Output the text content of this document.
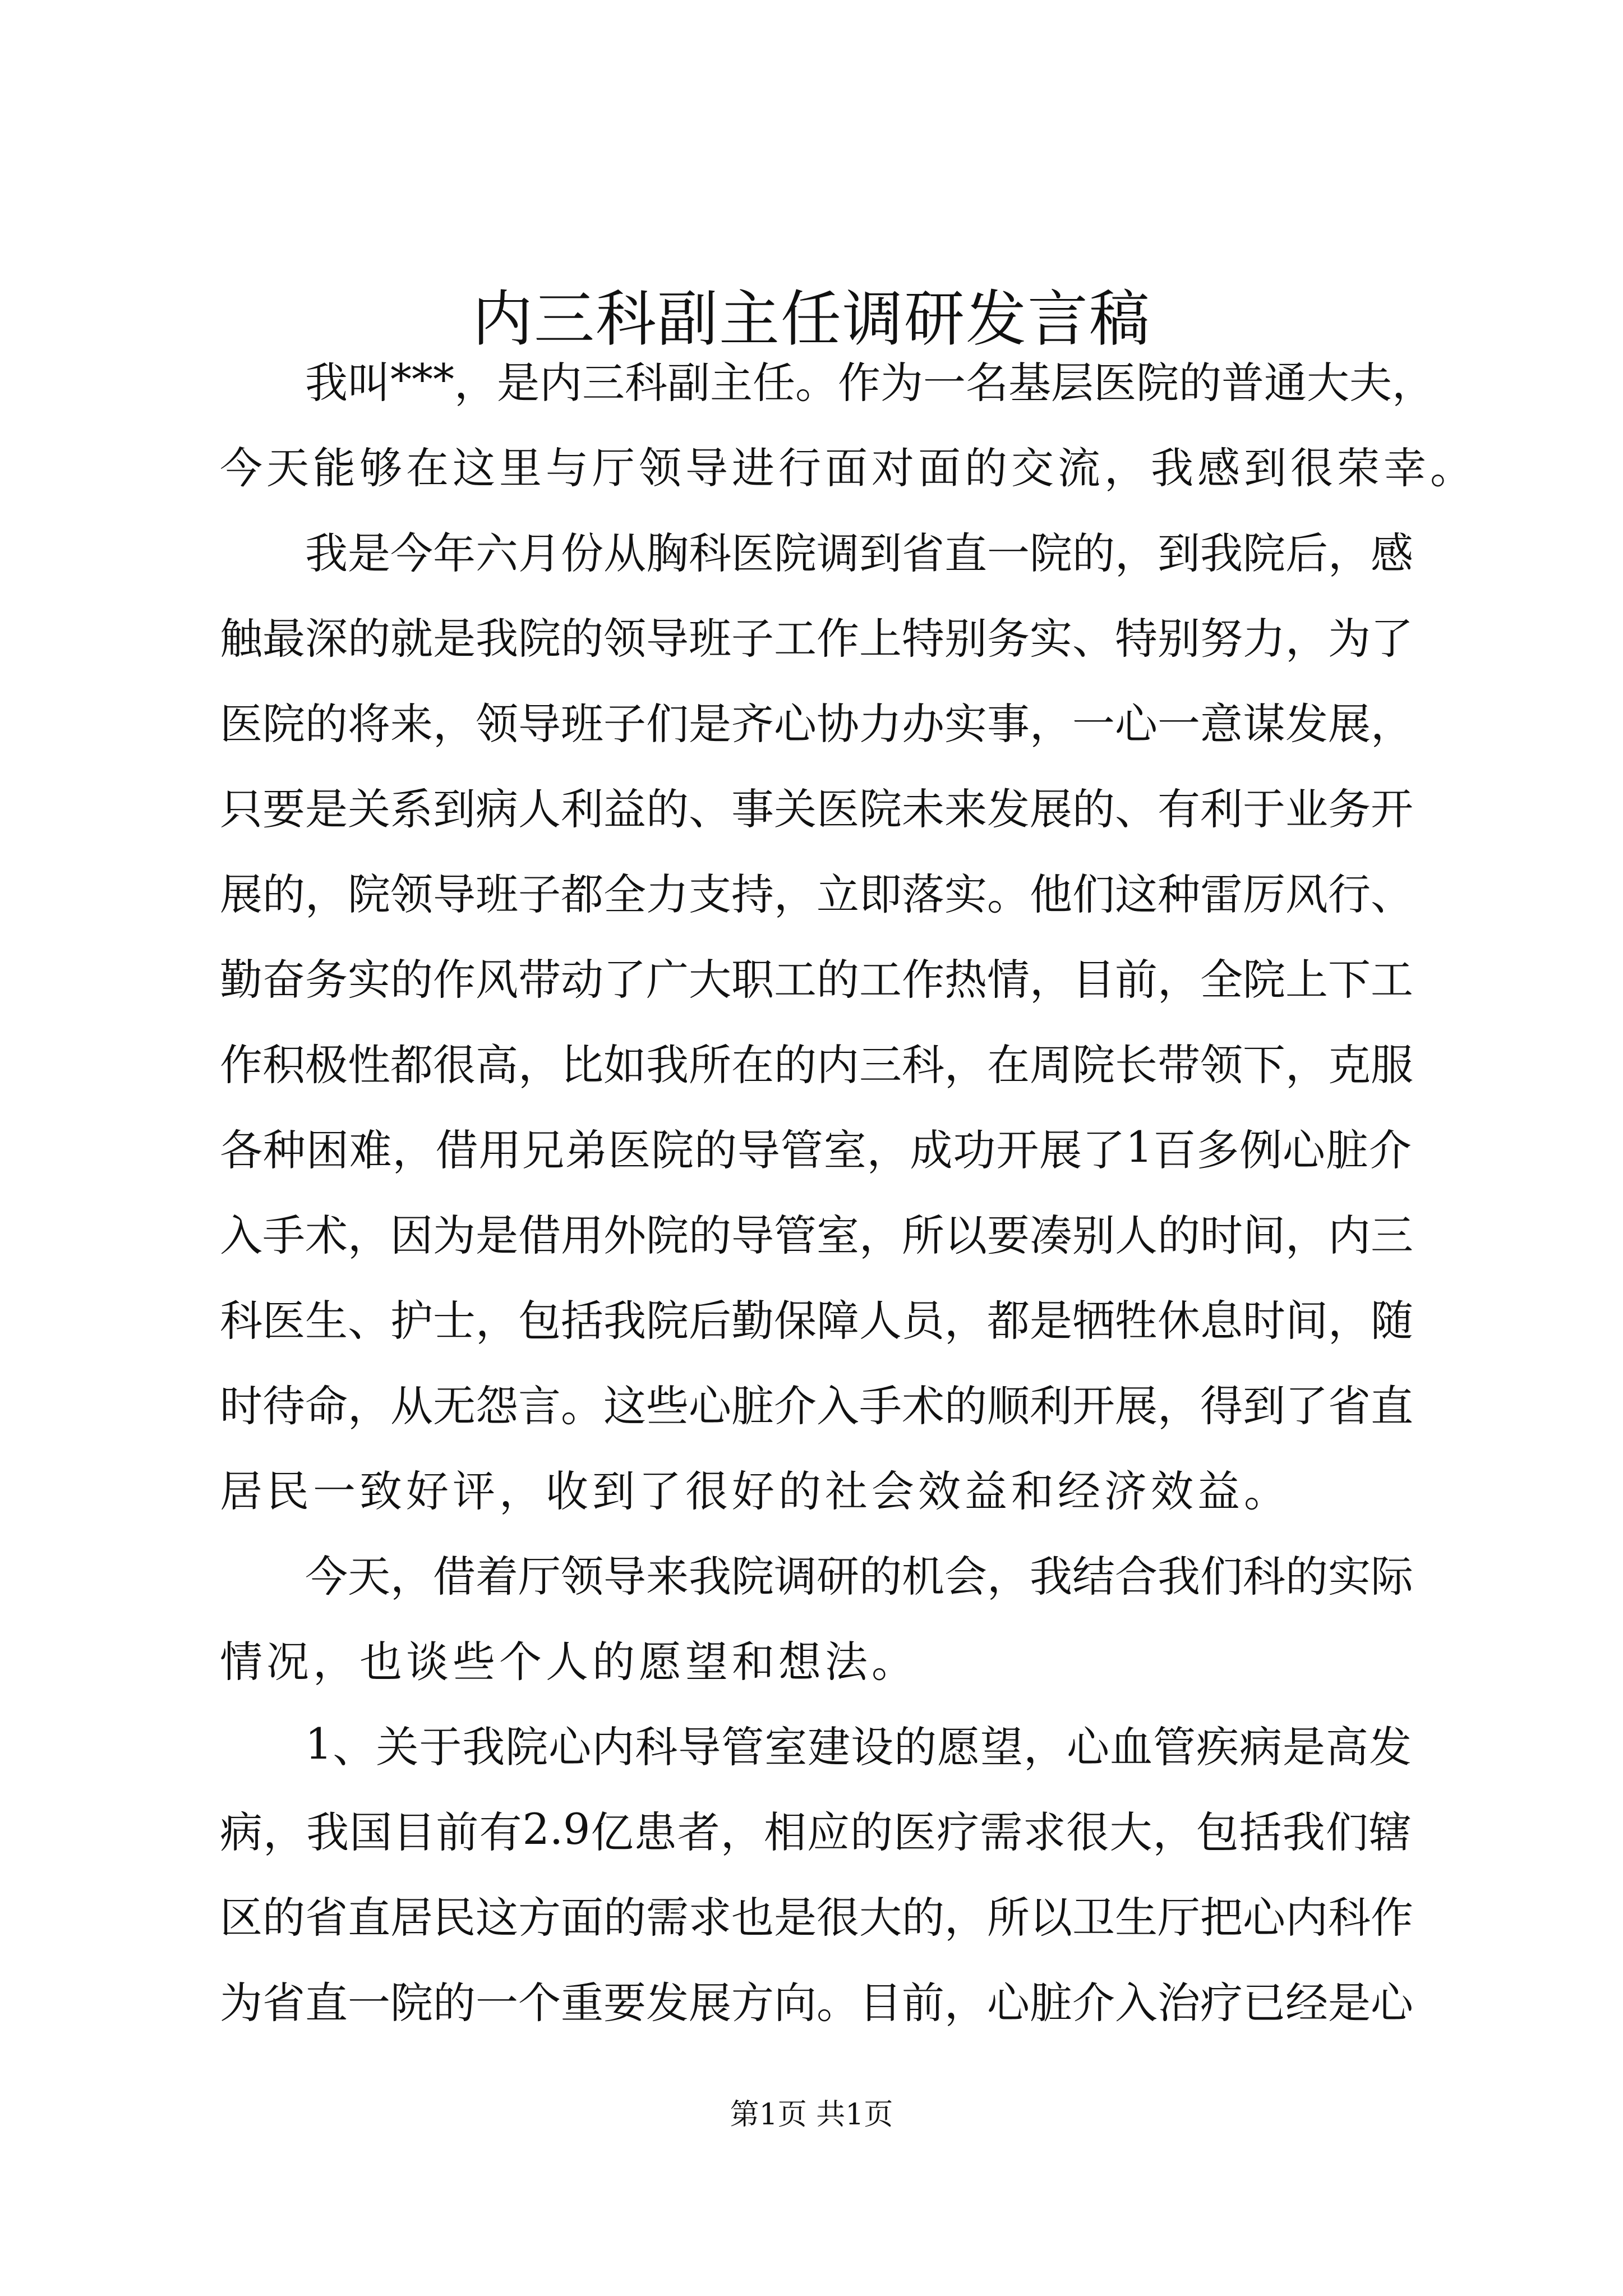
内三科副主任调研发言稿
我 叫 *** ， 是 内 三 科 副 主 任 。 作 为 一 名 基 层 医 院 的 普 通 大 夫 ，
今天能够在这里与厅领导进行面对面的交流，我感到很荣幸。
我 是 今 年 六 月 份 从 胸 科 医 院 调 到 省 直 一 院 的 ， 到 我 院 后 ， 感
触 最 深 的 就 是 我 院 的 领 导 班 子 工 作 上 特 别 务 实 、 特 别 努 力 ， 为 了
医 院 的 将 来 ， 领 导 班 子 们 是 齐 心 协 力 办 实 事 ， 一 心 一 意 谋 发 展 ，
只 要 是 关 系 到 病 人 利 益 的 、 事 关 医 院 未 来 发 展 的 、 有 利 于 业 务 开
展 的 ， 院 领 导 班 子 都 全 力 支 持 ， 立 即 落 实 。 他 们 这 种 雷 厉 风 行 、
勤 奋 务 实 的 作 风 带 动 了 广 大 职 工 的 工 作 热 情 ， 目 前 ， 全 院 上 下 工
作 积 极 性 都 很 高 ， 比 如 我 所 在 的 内 三 科 ， 在 周 院 长 带 领 下 ， 克 服
各 种 困 难 ， 借 用 兄 弟 医 院 的 导 管 室 ， 成 功 开 展 了 1 百 多 例 心 脏 介
入 手 术 ， 因 为 是 借 用 外 院 的 导 管 室 ， 所 以 要 凑 别 人 的 时 间 ， 内 三
科 医 生 、 护 士 ， 包 括 我 院 后 勤 保 障 人 员 ， 都 是 牺 牲 休 息 时 间 ， 随
时 待 命 ， 从 无 怨 言 。 这 些 心 脏 介 入 手 术 的 顺 利 开 展 ， 得 到 了 省 直
居民一致好评，收到了很好的社会效益和经济效益。
今 天 ， 借 着 厅 领 导 来 我 院 调 研 的 机 会 ， 我 结 合 我 们 科 的 实 际
情况，也谈些个人的愿望和想法。
1 、 关 于 我 院 心 内 科 导 管 室 建 设 的 愿 望 ， 心 血 管 疾 病 是 高 发
病 ， 我 国 目 前 有 2.9 亿 患 者 ， 相 应 的 医 疗 需 求 很 大 ， 包 括 我 们 辖
区 的 省 直 居 民 这 方 面 的 需 求 也 是 很 大 的 ， 所 以 卫 生 厅 把 心 内 科 作
为 省 直 一 院 的 一 个 重 要 发 展 方 向 。 目 前 ， 心 脏 介 入 治 疗 已 经 是 心
第1页 共1页
